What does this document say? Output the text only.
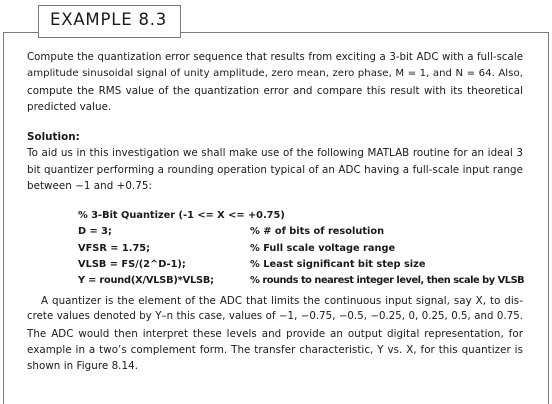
EXAMPLE 8.3
Compute the quantization error sequence that results from exciting a 3-bit ADC with a full-scale
amplitude sinusoidal signal of unity amplitude, zero mean, zero phase, M = 1, and N = 64. Also,
compute the RMS value of the quantization error and compare this result with its theoretical
predicted value.
Solution:
To aid us in this investigation we shall make use of the following MATLAB routine for an ideal 3
bit quantizer performing a rounding operation typical of an ADC having a full-scale input range
between −1 and +0.75:
% 3-Bit Quantizer (-1 <= X <= +0.75)
D = 3;	% # of bits of resolution
VFSR = 1.75;	% Full scale voltage range
VLSB = FS/(2^D-1);	% Least significant bit step size
Y = round(X/VLSB)*VLSB;	% rounds to nearest integer level, then scale by VLSB
A quantizer is the element of the ADC that limits the continuous input signal, say X, to dis-
crete values denoted by Y–n this case, values of −1, −0.75, −0.5, −0.25, 0, 0.25, 0.5, and 0.75.
The ADC would then interpret these levels and provide an output digital representation, for
example in a two’s complement form. The transfer characteristic, Y vs. X, for this quantizer is
shown in Figure 8.14.
